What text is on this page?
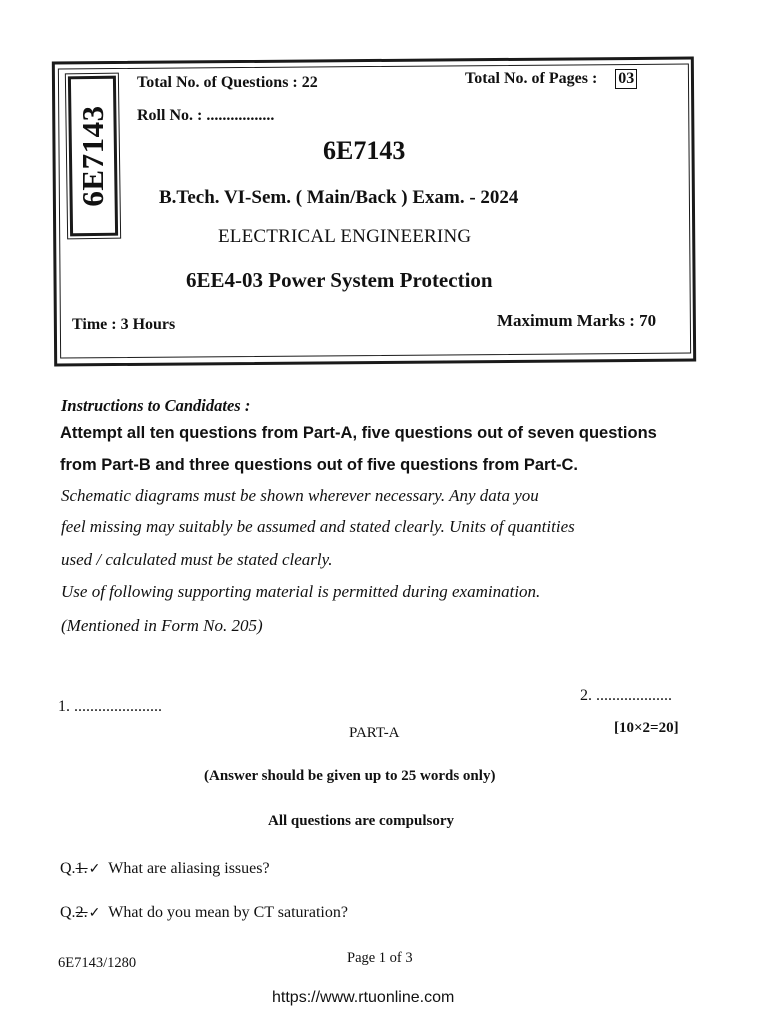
6E7143
Total No. of Questions : 22	Total No. of Pages : 03
Roll No. : .................
6E7143
B.Tech. VI-Sem. ( Main/Back ) Exam. - 2024
ELECTRICAL ENGINEERING
6EE4-03 Power System Protection
Time : 3 Hours	Maximum Marks : 70
Instructions to Candidates :
Attempt all ten questions from Part-A, five questions out of seven questions
from Part-B and three questions out of five questions from Part-C.
Schematic diagrams must be shown wherever necessary. Any data you
feel missing may suitably be assumed and stated clearly. Units of quantities
used / calculated must be stated clearly.
Use of following supporting material is permitted during examination.
(Mentioned in Form No. 205)
1. ......................
2. ...................
PART-A	[10×2=20]
(Answer should be given up to 25 words only)
All questions are compulsory
Q.1.✓ What are aliasing issues?
Q.2.✓ What do you mean by CT saturation?
6E7143/1280	Page 1 of 3
https://www.rtuonline.com
